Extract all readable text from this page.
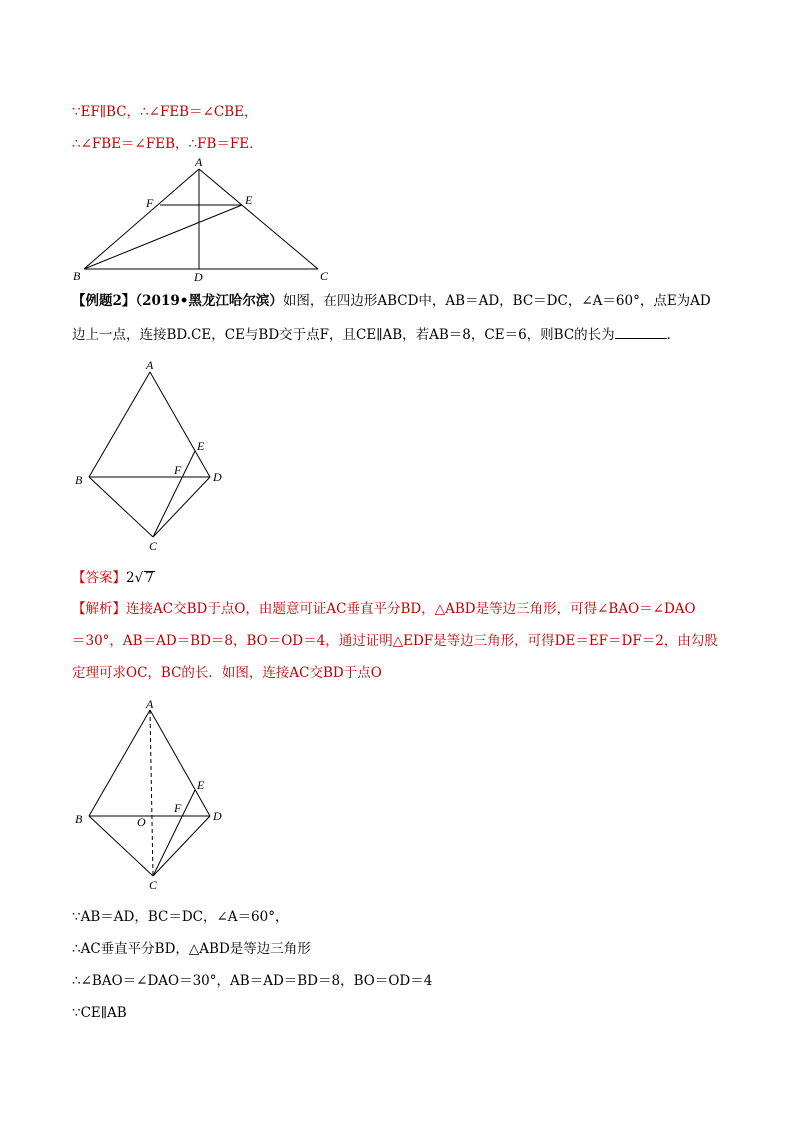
∵EF∥BC，∴∠FEB＝∠CBE，
∴∠FBE＝∠FEB，∴FB＝FE．
A
E
F
B	D	C
【例题2】（2019•黑龙江哈尔滨）如图，在四边形ABCD中，AB＝AD，BC＝DC，∠A＝60°，点E为AD
边上一点，连接BD.CE，CE与BD交于点F，且CE∥AB，若AB＝8，CE＝6，则BC的长为	．
A
E
F
B	D
C
【答案】2√ 7
【解析】连接AC交BD于点O，由题意可证AC垂直平分BD，△ABD是等边三角形，可得∠BAO＝∠DAO
＝30°，AB＝AD＝BD＝8，BO＝OD＝4，通过证明△EDF是等边三角形，可得DE＝EF＝DF＝2，由勾股
定理可求OC，BC的长．如图，连接AC交BD于点O
A
E
F
B	O	D
C
∵AB＝AD，BC＝DC，∠A＝60°，
∴AC垂直平分BD，△ABD是等边三角形
∴∠BAO＝∠DAO＝30°，AB＝AD＝BD＝8，BO＝OD＝4
∵CE∥AB
